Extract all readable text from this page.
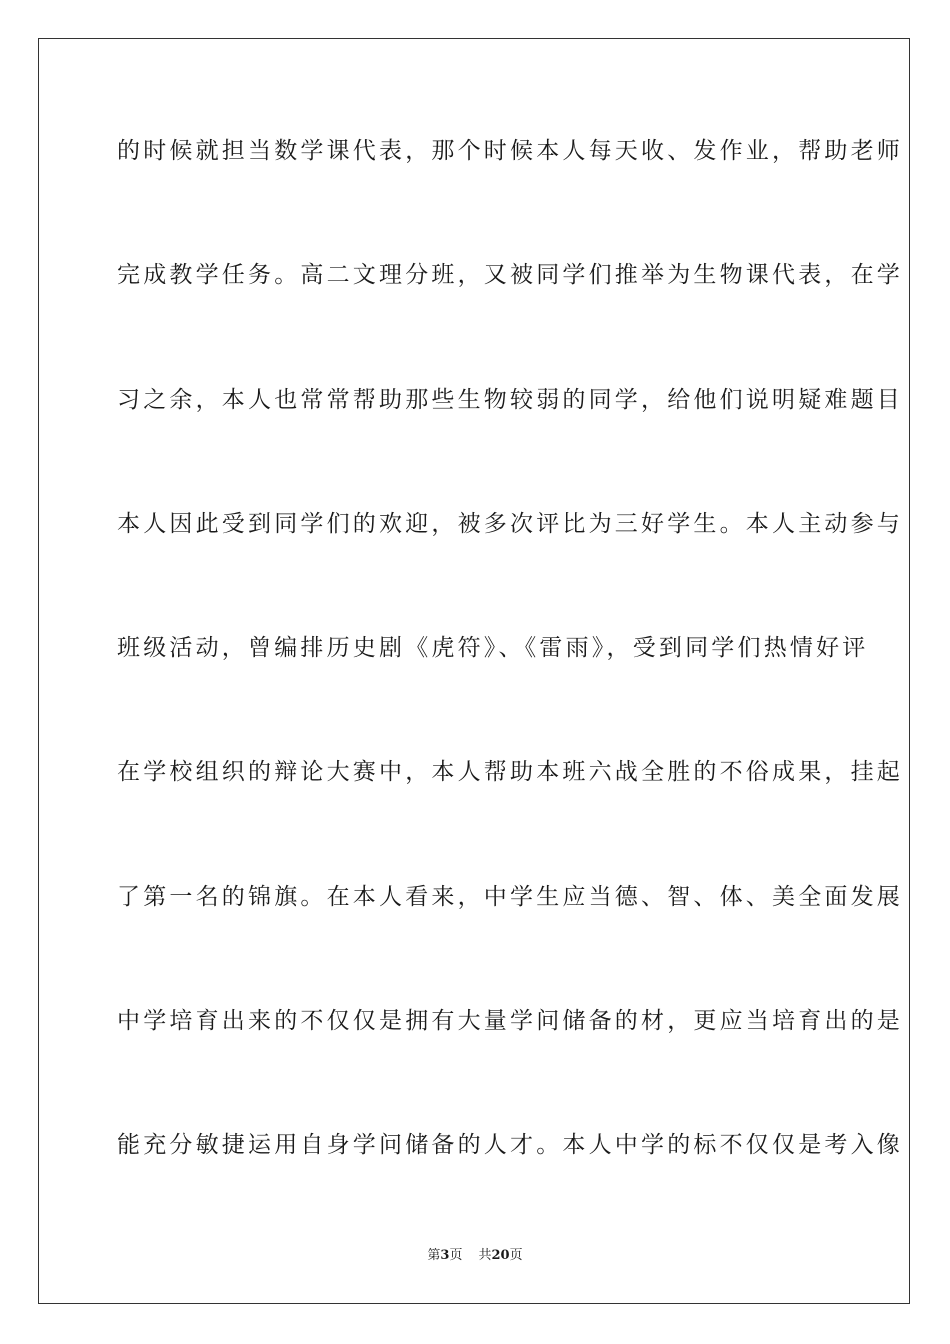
的时候就担当数学课代表，那个时候本人每天收、发作业，帮助老师
完成教学任务。高二文理分班，又被同学们推举为生物课代表，在学
习之余，本人也常常帮助那些生物较弱的同学，给他们说明疑难题目
本人因此受到同学们的欢迎，被多次评比为三好学生。本人主动参与
班级活动，曾编排历史剧《虎符》、《雷雨》，受到同学们热情好评
在学校组织的辩论大赛中，本人帮助本班六战全胜的不俗成果，挂起
了第一名的锦旗。在本人看来，中学生应当德、智、体、美全面发展
中学培育出来的不仅仅是拥有大量学问储备的材，更应当培育出的是
能充分敏捷运用自身学问储备的人才。本人中学的标不仅仅是考入像
第3页 共20页
